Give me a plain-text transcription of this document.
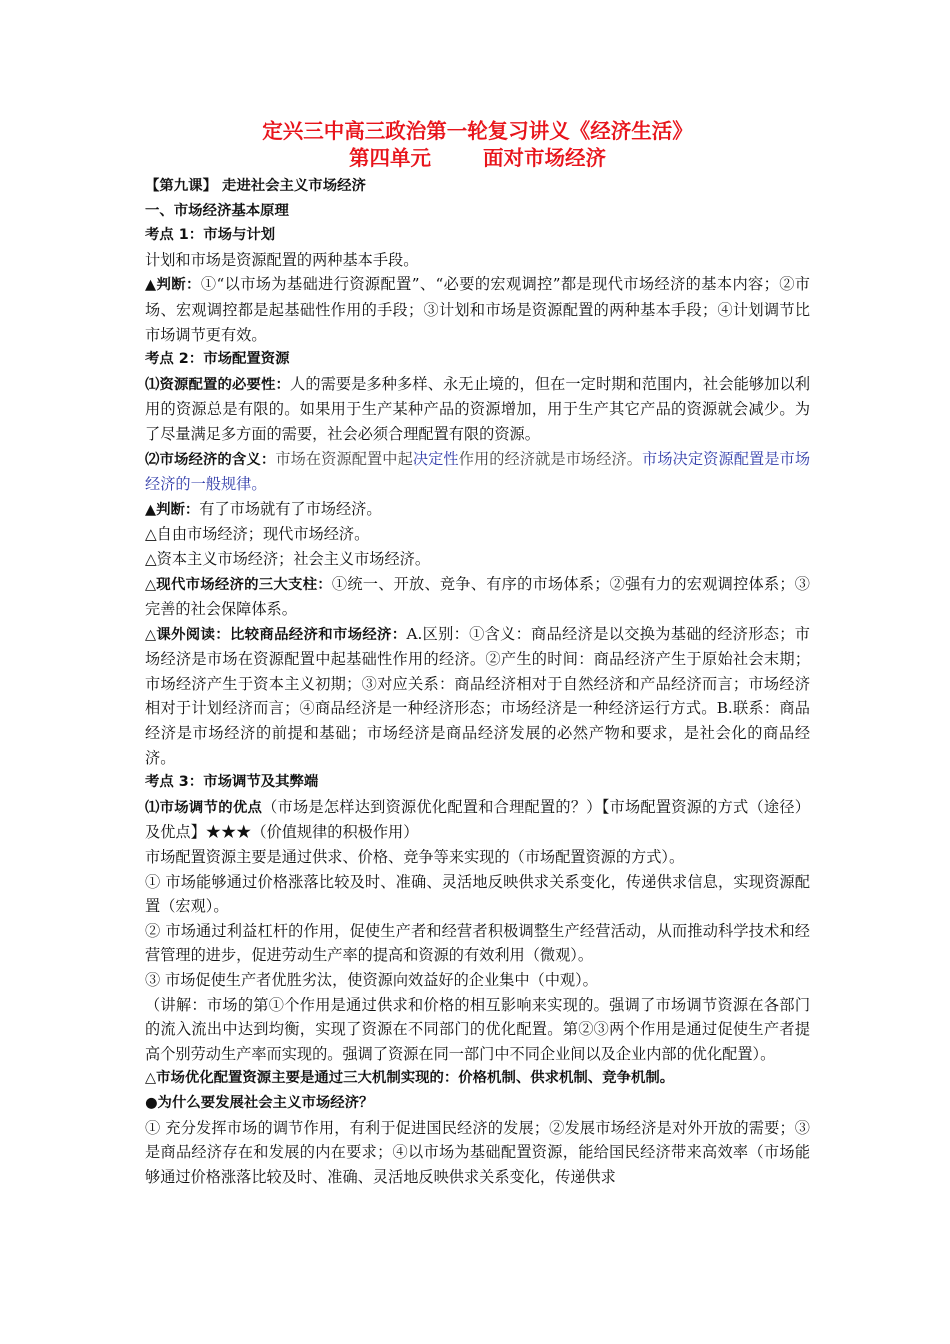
定兴三中高三政治第一轮复习讲义《经济生活》

第四单元	面对市场经济

【第九课】 走进社会主义市场经济

一、市场经济基本原理

考点 1：市场与计划

计划和市场是资源配置的两种基本手段。

▲判断：①“以市场为基础进行资源配置”、“必要的宏观调控”都是现代市场经济的基本内容；②市场、宏观调控都是起基础性作用的手段；③计划和市场是资源配置的两种基本手段；④计划调节比市场调节更有效。

考点 2：市场配置资源

⑴资源配置的必要性：人的需要是多种多样、永无止境的，但在一定时期和范围内，社会能够加以利用的资源总是有限的。如果用于生产某种产品的资源增加，用于生产其它产品的资源就会减少。为了尽量满足多方面的需要，社会必须合理配置有限的资源。

⑵市场经济的含义：市场在资源配置中起决定性作用的经济就是市场经济。市场决定资源配置是市场经济的一般规律。

▲判断：有了市场就有了市场经济。

△自由市场经济；现代市场经济。

△资本主义市场经济；社会主义市场经济。

△现代市场经济的三大支柱：①统一、开放、竞争、有序的市场体系；②强有力的宏观调控体系；③完善的社会保障体系。

△课外阅读：比较商品经济和市场经济：A.区别：①含义：商品经济是以交换为基础的经济形态；市场经济是市场在资源配置中起基础性作用的经济。②产生的时间：商品经济产生于原始社会末期；市场经济产生于资本主义初期；③对应关系：商品经济相对于自然经济和产品经济而言；市场经济相对于计划经济而言；④商品经济是一种经济形态；市场经济是一种经济运行方式。B.联系：商品经济是市场经济的前提和基础；市场经济是商品经济发展的必然产物和要求，是社会化的商品经济。

考点 3：市场调节及其弊端

⑴市场调节的优点（市场是怎样达到资源优化配置和合理配置的？）【市场配置资源的方式（途径）及优点】★★★（价值规律的积极作用）

市场配置资源主要是通过供求、价格、竞争等来实现的（市场配置资源的方式）。

① 市场能够通过价格涨落比较及时、准确、灵活地反映供求关系变化，传递供求信息，实现资源配置（宏观）。

② 市场通过利益杠杆的作用，促使生产者和经营者积极调整生产经营活动，从而推动科学技术和经营管理的进步，促进劳动生产率的提高和资源的有效利用（微观）。

③ 市场促使生产者优胜劣汰，使资源向效益好的企业集中（中观）。

（讲解：市场的第①个作用是通过供求和价格的相互影响来实现的。强调了市场调节资源在各部门的流入流出中达到均衡，实现了资源在不同部门的优化配置。第②③两个作用是通过促使生产者提高个别劳动生产率而实现的。强调了资源在同一部门中不同企业间以及企业内部的优化配置）。

△市场优化配置资源主要是通过三大机制实现的：价格机制、供求机制、竞争机制。

●为什么要发展社会主义市场经济？

① 充分发挥市场的调节作用，有利于促进国民经济的发展；②发展市场经济是对外开放的需要；③是商品经济存在和发展的内在要求；④以市场为基础配置资源，能给国民经济带来高效率（市场能够通过价格涨落比较及时、准确、灵活地反映供求关系变化，传递供求
